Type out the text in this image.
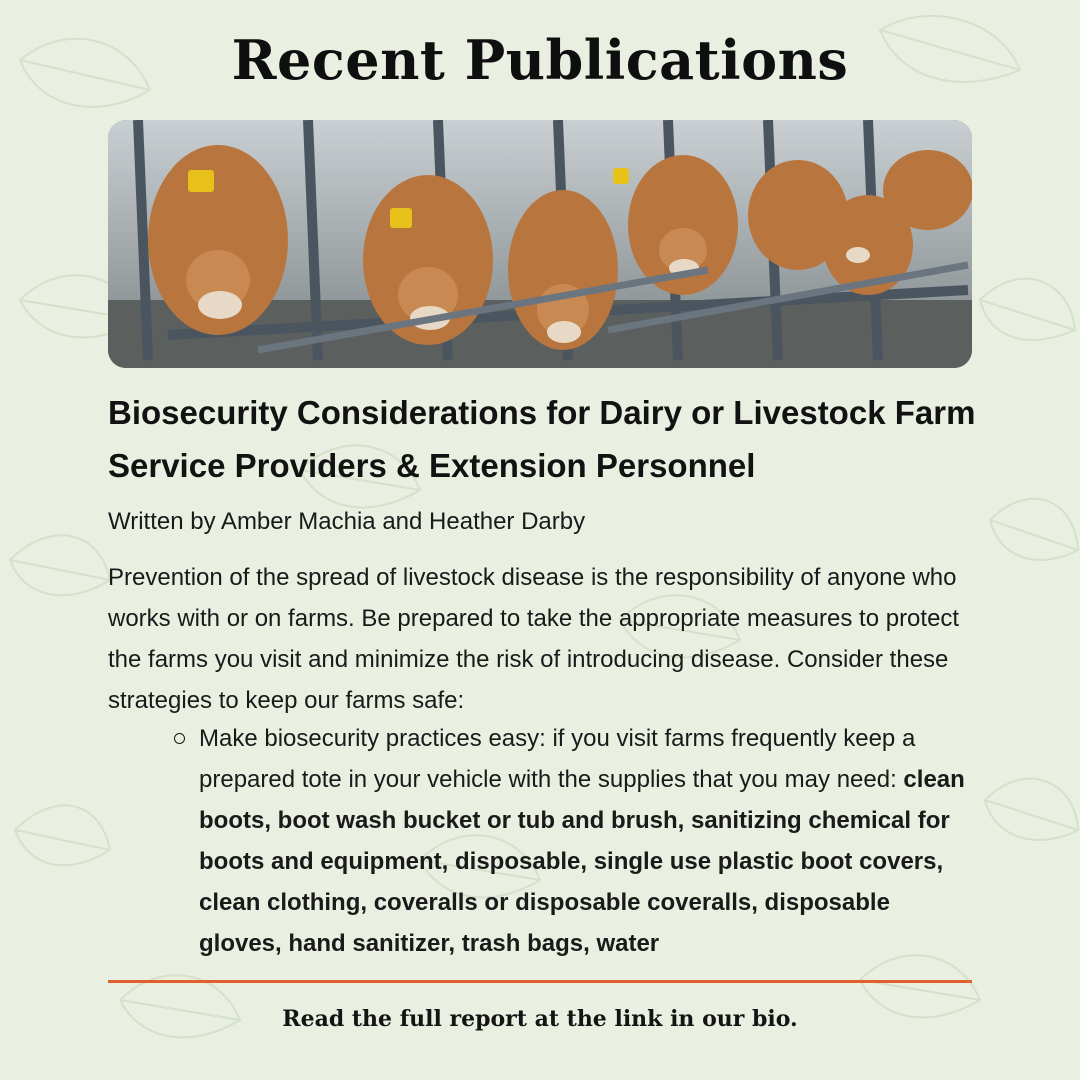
Recent Publications
Biosecurity Considerations for Dairy or Livestock Farm Service Providers & Extension Personnel
Written by Amber Machia and Heather Darby
Prevention of the spread of livestock disease is the responsibility of anyone who works with or on farms. Be prepared to take the appropriate measures to protect the farms you visit and minimize the risk of introducing disease. Consider these strategies to keep our farms safe:
Make biosecurity practices easy: if you visit farms frequently keep a prepared tote in your vehicle with the supplies that you may need: clean boots, boot wash bucket or tub and brush, sanitizing chemical for boots and equipment, disposable, single use plastic boot covers, clean clothing, coveralls or disposable coveralls, disposable gloves, hand sanitizer, trash bags, water
Read the full report at the link in our bio.
